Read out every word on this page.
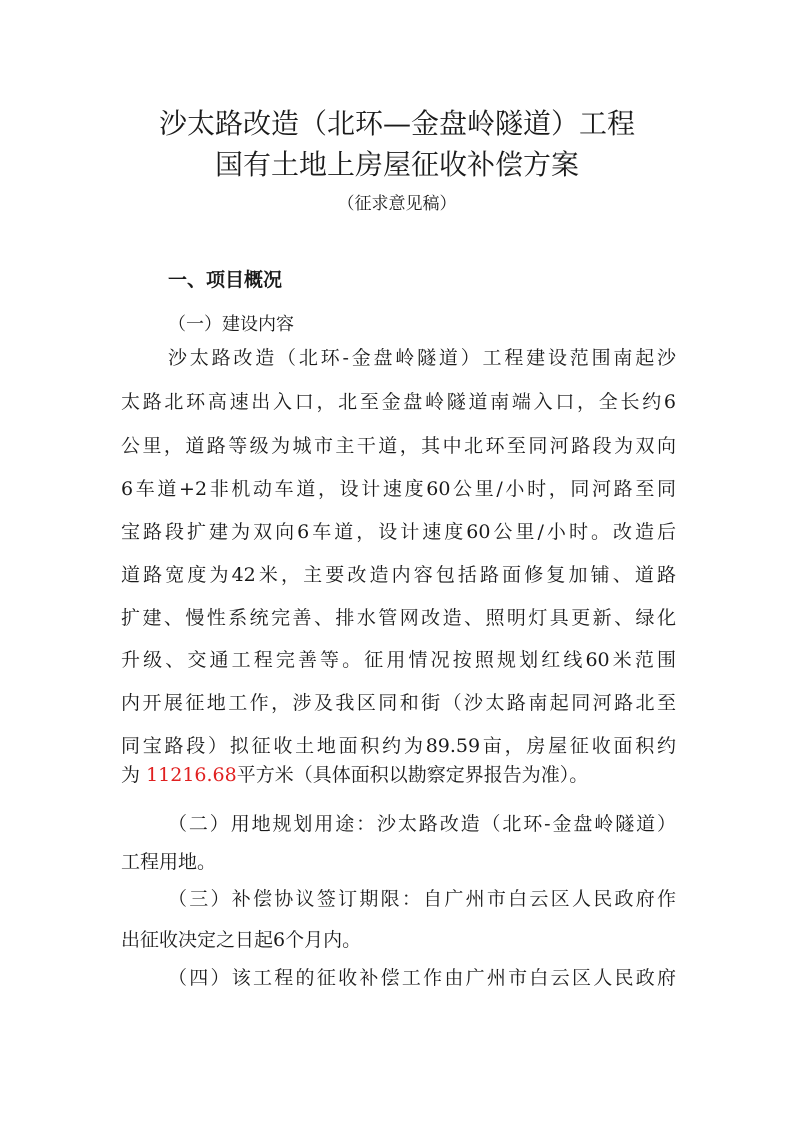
沙太路改造（北环—金盘岭隧道）工程
国有土地上房屋征收补偿方案
（征求意见稿）
一、项目概况
（一）建设内容
沙太路改造（北环-金盘岭隧道）工程建设范围南起沙
太路北环高速出入口，北至金盘岭隧道南端入口，全长约6
公里，道路等级为城市主干道，其中北环至同河路段为双向
6车道+2非机动车道，设计速度60公里/小时，同河路至同
宝路段扩建为双向6车道，设计速度60公里/小时。改造后
道路宽度为42米，主要改造内容包括路面修复加铺、道路
扩建、慢性系统完善、排水管网改造、照明灯具更新、绿化
升级、交通工程完善等。征用情况按照规划红线60米范围
内开展征地工作，涉及我区同和街（沙太路南起同河路北至
同宝路段）拟征收土地面积约为89.59亩，房屋征收面积约
为 11216.68平方米（具体面积以勘察定界报告为准）。
（二）用地规划用途：沙太路改造（北环-金盘岭隧道）
工程用地。
（三）补偿协议签订期限：自广州市白云区人民政府作
出征收决定之日起6个月内。
（四）该工程的征收补偿工作由广州市白云区人民政府
